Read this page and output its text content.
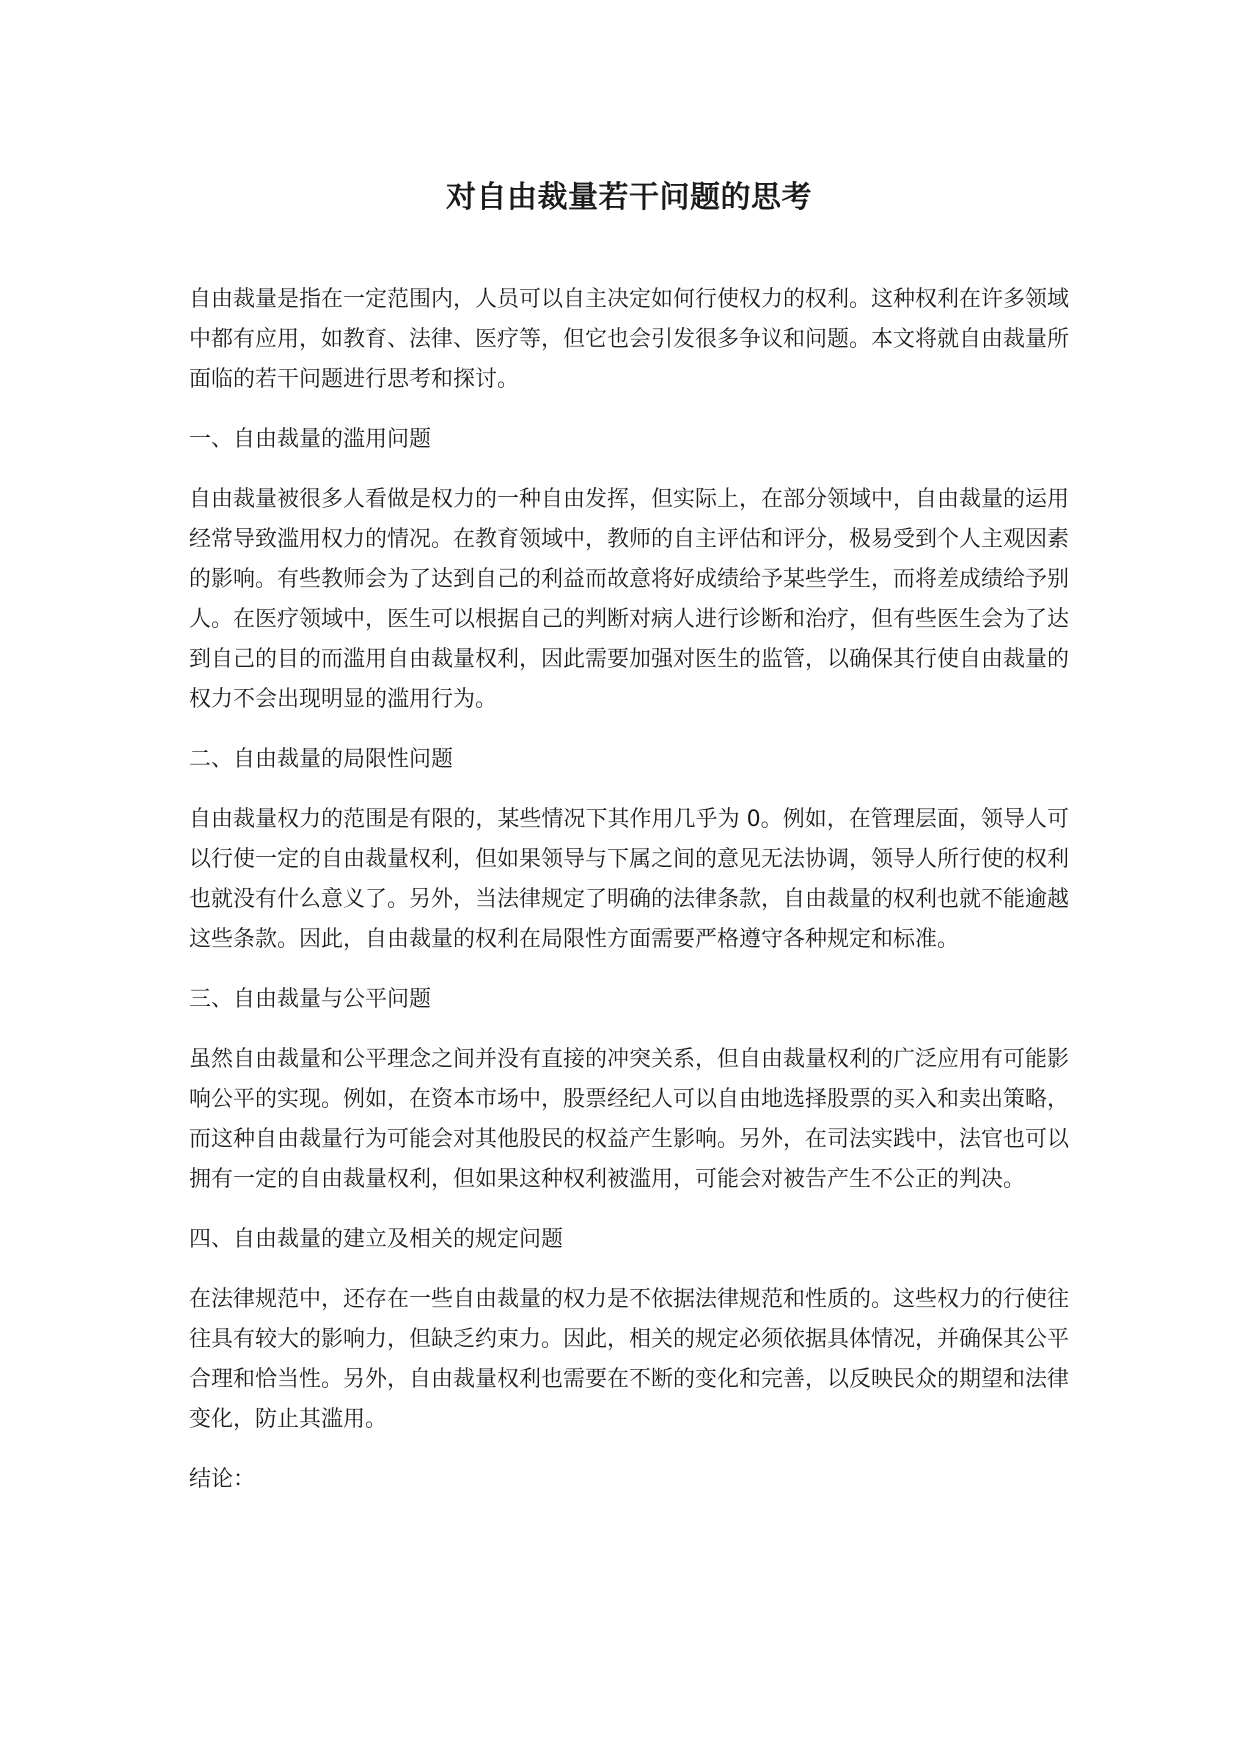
对自由裁量若干问题的思考

自由裁量是指在一定范围内，人员可以自主决定如何行使权力的权利。这种权利在许多领域中都有应用，如教育、法律、医疗等，但它也会引发很多争议和问题。本文将就自由裁量所面临的若干问题进行思考和探讨。

一、自由裁量的滥用问题

自由裁量被很多人看做是权力的一种自由发挥，但实际上，在部分领域中，自由裁量的运用经常导致滥用权力的情况。在教育领域中，教师的自主评估和评分，极易受到个人主观因素的影响。有些教师会为了达到自己的利益而故意将好成绩给予某些学生，而将差成绩给予别人。在医疗领域中，医生可以根据自己的判断对病人进行诊断和治疗，但有些医生会为了达到自己的目的而滥用自由裁量权利，因此需要加强对医生的监管，以确保其行使自由裁量的权力不会出现明显的滥用行为。

二、自由裁量的局限性问题

自由裁量权力的范围是有限的，某些情况下其作用几乎为 0。例如，在管理层面，领导人可以行使一定的自由裁量权利，但如果领导与下属之间的意见无法协调，领导人所行使的权利也就没有什么意义了。另外，当法律规定了明确的法律条款，自由裁量的权利也就不能逾越这些条款。因此，自由裁量的权利在局限性方面需要严格遵守各种规定和标准。

三、自由裁量与公平问题

虽然自由裁量和公平理念之间并没有直接的冲突关系，但自由裁量权利的广泛应用有可能影响公平的实现。例如，在资本市场中，股票经纪人可以自由地选择股票的买入和卖出策略，而这种自由裁量行为可能会对其他股民的权益产生影响。另外，在司法实践中，法官也可以拥有一定的自由裁量权利，但如果这种权利被滥用，可能会对被告产生不公正的判决。

四、自由裁量的建立及相关的规定问题

在法律规范中，还存在一些自由裁量的权力是不依据法律规范和性质的。这些权力的行使往往具有较大的影响力，但缺乏约束力。因此，相关的规定必须依据具体情况，并确保其公平合理和恰当性。另外，自由裁量权利也需要在不断的变化和完善，以反映民众的期望和法律变化，防止其滥用。

结论：
